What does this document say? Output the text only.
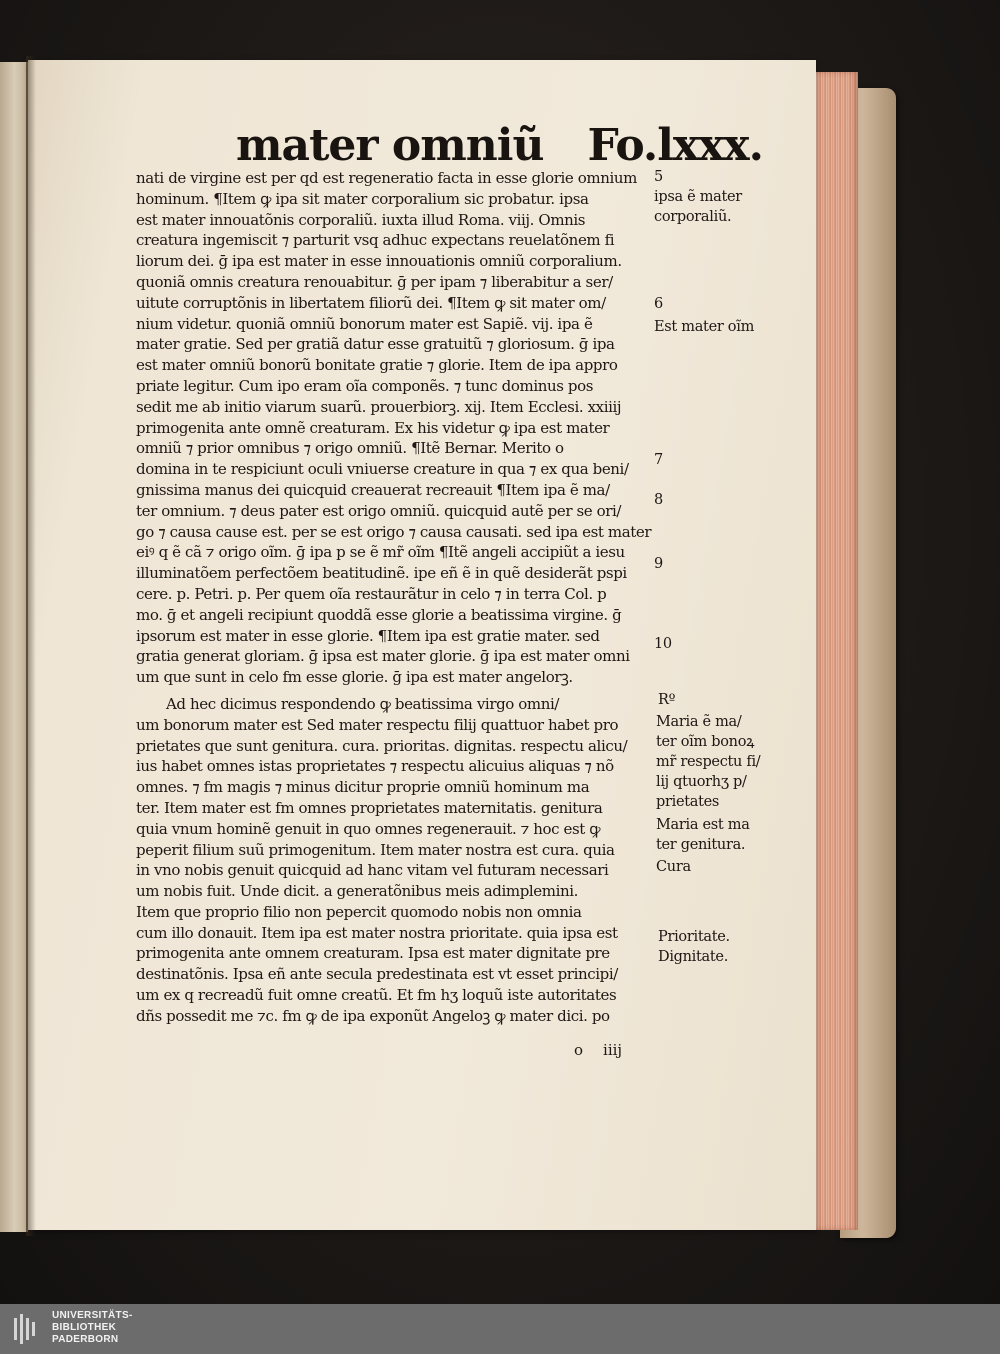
mater omniũ Fo.lxxx.
nati de virgine est per qd est regeneratio facta in esse glorie omnium
hominum. ¶Item ꝙ ipa sit mater corporalium sic probatur. ipsa
est mater innouatõnis corporaliũ. iuxta illud Roma. viij. Omnis
creatura ingemiscit ⁊ parturit vsq adhuc expectans reuelatõnem fi
liorum dei. ḡ ipa est mater in esse innouationis omniũ corporalium.
quoniã omnis creatura renouabitur. ḡ per ipam ⁊ liberabitur a ser/
uitute corruptõnis in libertatem filiorũ dei. ¶Item ꝙ sit mater om/
nium videtur. quoniã omniũ bonorum mater est Sapiẽ. vij. ipa ẽ
mater gratie. Sed per gratiã datur esse gratuitũ ⁊ gloriosum. ḡ ipa
est mater omniũ bonorũ bonitate gratie ⁊ glorie. Item de ipa appro
priate legitur. Cum ipo eram oĩa componẽs. ⁊ tunc dominus pos
sedit me ab initio viarum suarũ. prouerbiorꝫ. xij. Item Ecclesi. xxiiij
primogenita ante omnẽ creaturam. Ex his videtur ꝙ ipa est mater
omniũ ⁊ prior omnibus ⁊ origo omniũ. ¶Itẽ Bernar. Merito o
domina in te respiciunt oculi vniuerse creature in qua ⁊ ex qua beni/
gnissima manus dei quicquid creauerat recreauit ¶Item ipa ẽ ma/
ter omnium. ⁊ deus pater est origo omniũ. quicquid autẽ per se ori/
go ⁊ causa cause est. per se est origo ⁊ causa causati. sed ipa est mater
eiꝰ q ẽ cã ⁊ origo oĩm. ḡ ipa p se ẽ mr̃ oĩm ¶Itẽ angeli accipiũt a iesu
illuminatõem perfectõem beatitudinẽ. ipe eñ ẽ in quẽ desiderãt pspi
cere. p. Petri. p. Per quem oĩa restaurãtur in celo ⁊ in terra Col. p
mo. ḡ et angeli recipiunt quoddã esse glorie a beatissima virgine. ḡ
ipsorum est mater in esse glorie. ¶Item ipa est gratie mater. sed
gratia generat gloriam. ḡ ipsa est mater glorie. ḡ ipa est mater omni
um que sunt in celo fm esse glorie. ḡ ipa est mater angelorꝫ.
Ad hec dicimus respondendo ꝙ beatissima virgo omni/
um bonorum mater est Sed mater respectu filij quattuor habet pro
prietates que sunt genitura. cura. prioritas. dignitas. respectu alicu/
ius habet omnes istas proprietates ⁊ respectu alicuius aliquas ⁊ nõ
omnes. ⁊ fm magis ⁊ minus dicitur proprie omniũ hominum ma
ter. Item mater est fm omnes proprietates maternitatis. genitura
quia vnum hominẽ genuit in quo omnes regenerauit. ⁊ hoc est ꝙ
peperit filium suũ primogenitum. Item mater nostra est cura. quia
in vno nobis genuit quicquid ad hanc vitam vel futuram necessari
um nobis fuit. Unde dicit. a generatõnibus meis adimplemini.
Item que proprio filio non pepercit quomodo nobis non omnia
cum illo donauit. Item ipa est mater nostra prioritate. quia ipsa est
primogenita ante omnem creaturam. Ipsa est mater dignitate pre
destinatõnis. Ipsa eñ ante secula predestinata est vt esset principi/
um ex q recreadũ fuit omne creatũ. Et fm hʒ loquũ iste autoritates
dñs possedit me ⁊c. fm ꝙ de ipa exponũt Angeloꝫ ꝙ mater dici. po
5
ipsa ẽ mater
corporaliũ.
6
Est mater oĩm
7
8
9
10
Rº
Maria ẽ ma/
ter oĩm bonoꝝ
mr̃ respectu fi/
lij qtuorhʒ p/
prietates
Maria est ma
ter genitura.
Cura
Prioritate.
Dignitate.
o iiij
UNIVERSITÄTS-
BIBLIOTHEK
PADERBORN
